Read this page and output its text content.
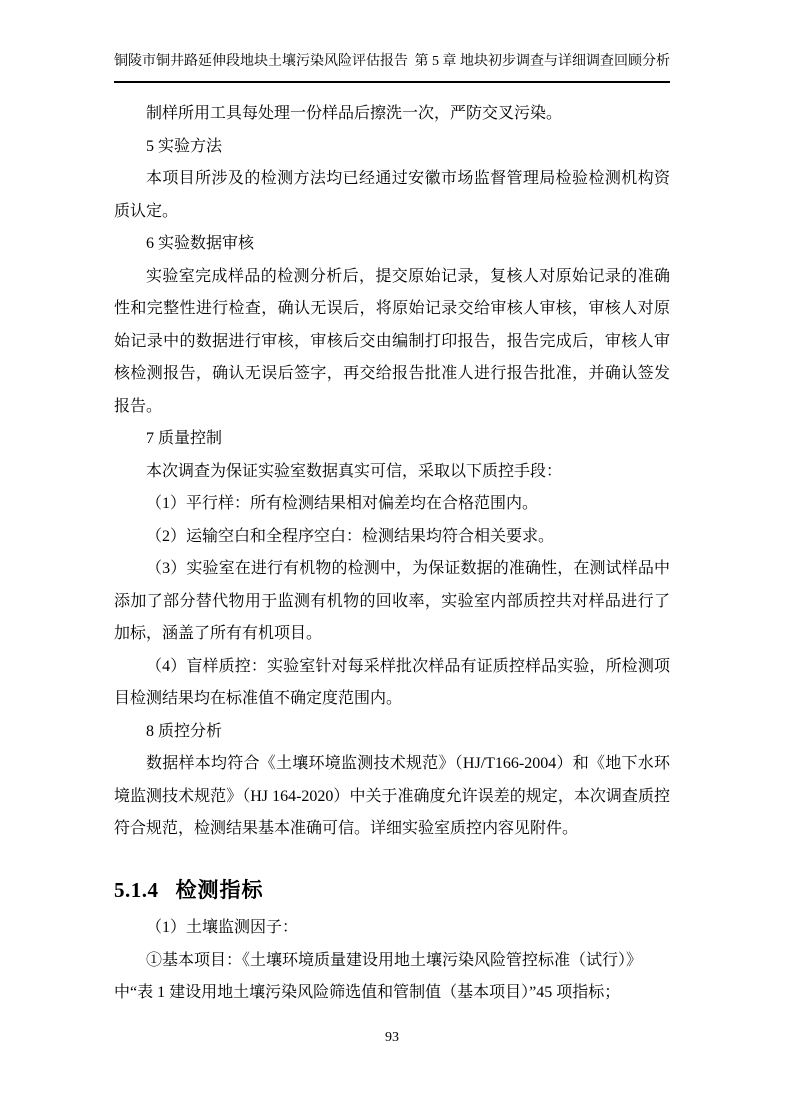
铜陵市铜井路延伸段地块土壤污染风险评估报告 第 5 章 地块初步调查与详细调查回顾分析

制样所用工具每处理一份样品后擦洗一次，严防交叉污染。

5 实验方法

本项目所涉及的检测方法均已经通过安徽市场监督管理局检验检测机构资质认定。

6 实验数据审核

实验室完成样品的检测分析后，提交原始记录，复核人对原始记录的准确性和完整性进行检查，确认无误后，将原始记录交给审核人审核，审核人对原始记录中的数据进行审核，审核后交由编制打印报告，报告完成后，审核人审核检测报告，确认无误后签字，再交给报告批准人进行报告批准，并确认签发报告。

7 质量控制

本次调查为保证实验室数据真实可信，采取以下质控手段：

（1）平行样：所有检测结果相对偏差均在合格范围内。

（2）运输空白和全程序空白：检测结果均符合相关要求。

（3）实验室在进行有机物的检测中，为保证数据的准确性，在测试样品中添加了部分替代物用于监测有机物的回收率，实验室内部质控共对样品进行了加标，涵盖了所有有机项目。

（4）盲样质控：实验室针对每采样批次样品有证质控样品实验，所检测项目检测结果均在标准值不确定度范围内。

8 质控分析

数据样本均符合《土壤环境监测技术规范》（HJ/T166-2004）和《地下水环境监测技术规范》（HJ 164-2020）中关于准确度允许误差的规定，本次调查质控符合规范，检测结果基本准确可信。详细实验室质控内容见附件。

5.1.4 检测指标

（1）土壤监测因子：

①基本项目：《土壤环境质量建设用地土壤污染风险管控标准（试行）》
中“表 1 建设用地土壤污染风险筛选值和管制值（基本项目）”45 项指标；

93
